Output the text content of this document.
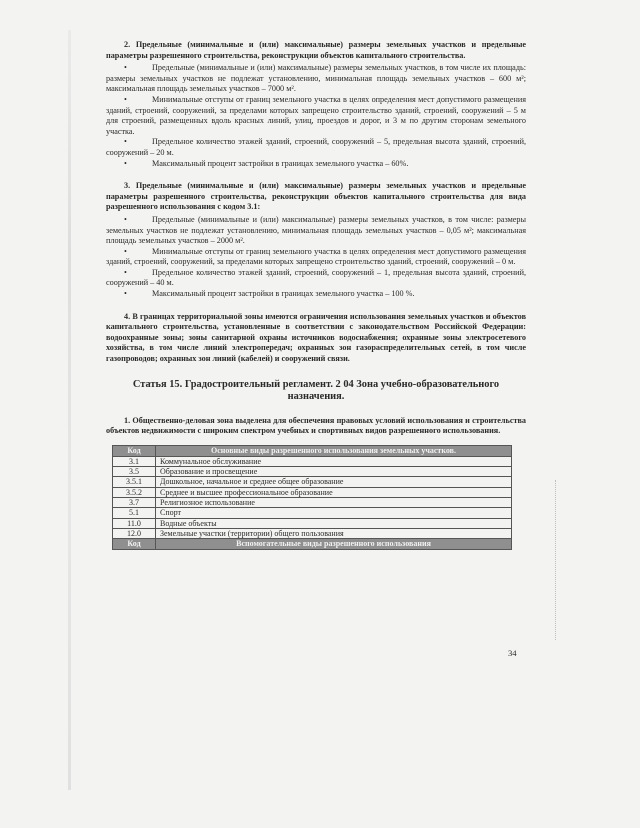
2. Предельные (минимальные и (или) максимальные) размеры земельных участков и предельные параметры разрешенного строительства, реконструкции объектов капитального строительства.

•	Предельные (минимальные и (или) максимальные) размеры земельных участков, в том числе их площадь: размеры земельных участков не подлежат установлению, минимальная площадь земельных участков – 600 м²; максимальная площадь земельных участков – 7000 м².

•	Минимальные отступы от границ земельного участка в целях определения мест допустимого размещения зданий, строений, сооружений, за пределами которых запрещено строительство зданий, строений, сооружений – 5 м для строений, размещенных вдоль красных линий, улиц, проездов и дорог, и 3 м по другим сторонам земельного участка.

•	Предельное количество этажей зданий, строений, сооружений – 5, предельная высота зданий, строений, сооружений – 20 м.

•	Максимальный процент застройки в границах земельного участка – 60%.

3. Предельные (минимальные и (или) максимальные) размеры земельных участков и предельные параметры разрешенного строительства, реконструкции объектов капитального строительства для вида разрешенного использования с кодом 3.1:

•	Предельные (минимальные и (или) максимальные) размеры земельных участков, в том числе: размеры земельных участков не подлежат установлению, минимальная площадь земельных участков – 0,05 м²; максимальная площадь земельных участков – 2000 м².

•	Минимальные отступы от границ земельного участка в целях определения мест допустимого размещения зданий, строений, сооружений, за пределами которых запрещено строительство зданий, строений, сооружений – 0 м.

•	Предельное количество этажей зданий, строений, сооружений – 1, предельная высота зданий, строений, сооружений – 40 м.

•	Максимальный процент застройки в границах земельного участка – 100 %.

4. В границах территориальной зоны имеются ограничения использования земельных участков и объектов капитального строительства, установленные в соответствии с законодательством Российской Федерации: водоохранные зоны; зоны санитарной охраны источников водоснабжения; охранные зоны электросетевого хозяйства, в том числе линий электропередач; охранных зон газораспределительных сетей, в том числе газопроводов; охранных зон линий (кабелей) и сооружений связи.

Статья 15. Градостроительный регламент. 2 04 Зона учебно-образовательного назначения.

1. Общественно-деловая зона выделена для обеспечения правовых условий использования и строительства объектов недвижимости с широким спектром учебных и спортивных видов разрешенного использования.

Код	Основные виды разрешенного использования земельных участков.
3.1	Коммунальное обслуживание
3.5	Образование и просвещение
3.5.1	Дошкольное, начальное и среднее общее образование
3.5.2	Среднее и высшее профессиональное образование
3.7	Религиозное использование
5.1	Спорт
11.0	Водные объекты
12.0	Земельные участки (территории) общего пользования
Код	Вспомогательные виды разрешенного использования
34
